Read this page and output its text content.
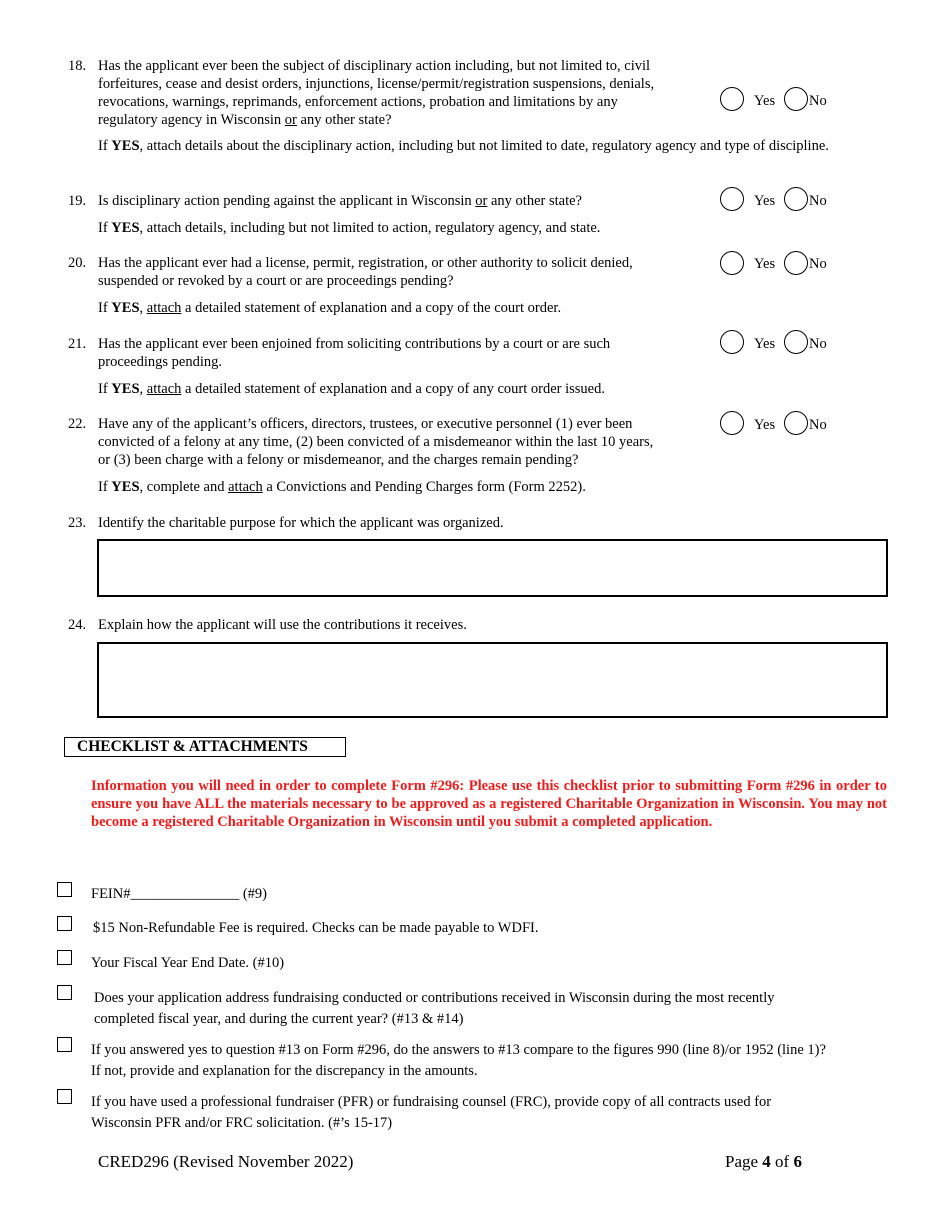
18. Has the applicant ever been the subject of disciplinary action including, but not limited to, civil
forfeitures, cease and desist orders, injunctions, license/permit/registration suspensions, denials,
revocations, warnings, reprimands, enforcement actions, probation and limitations by any
regulatory agency in Wisconsin or any other state?
If YES, attach details about the disciplinary action, including but not limited to date, regulatory agency and type of discipline.
Yes No
19. Is disciplinary action pending against the applicant in Wisconsin or any other state?
If YES, attach details, including but not limited to action, regulatory agency, and state.
Yes No
20. Has the applicant ever had a license, permit, registration, or other authority to solicit denied,
suspended or revoked by a court or are proceedings pending?
If YES, attach a detailed statement of explanation and a copy of the court order.
Yes No
21. Has the applicant ever been enjoined from soliciting contributions by a court or are such
proceedings pending.
If YES, attach a detailed statement of explanation and a copy of any court order issued.
Yes No
22. Have any of the applicant’s officers, directors, trustees, or executive personnel (1) ever been
convicted of a felony at any time, (2) been convicted of a misdemeanor within the last 10 years,
or (3) been charge with a felony or misdemeanor, and the charges remain pending?
If YES, complete and attach a Convictions and Pending Charges form (Form 2252).
Yes No
23. Identify the charitable purpose for which the applicant was organized.
24. Explain how the applicant will use the contributions it receives.
CHECKLIST & ATTACHMENTS
Information you will need in order to complete Form #296: Please use this checklist prior to submitting Form #296 in order to ensure you have ALL the materials necessary to be approved as a registered Charitable Organization in Wisconsin. You may not become a registered Charitable Organization in Wisconsin until you submit a completed application.
FEIN#_______________ (#9)
$15 Non-Refundable Fee is required. Checks can be made payable to WDFI.
Your Fiscal Year End Date. (#10)
Does your application address fundraising conducted or contributions received in Wisconsin during the most recently
completed fiscal year, and during the current year? (#13 & #14)
If you answered yes to question #13 on Form #296, do the answers to #13 compare to the figures 990 (line 8)/or 1952 (line 1)?
If not, provide and explanation for the discrepancy in the amounts.
If you have used a professional fundraiser (PFR) or fundraising counsel (FRC), provide copy of all contracts used for
Wisconsin PFR and/or FRC solicitation. (#’s 15-17)
CRED296 (Revised November 2022)	Page 4 of 6
